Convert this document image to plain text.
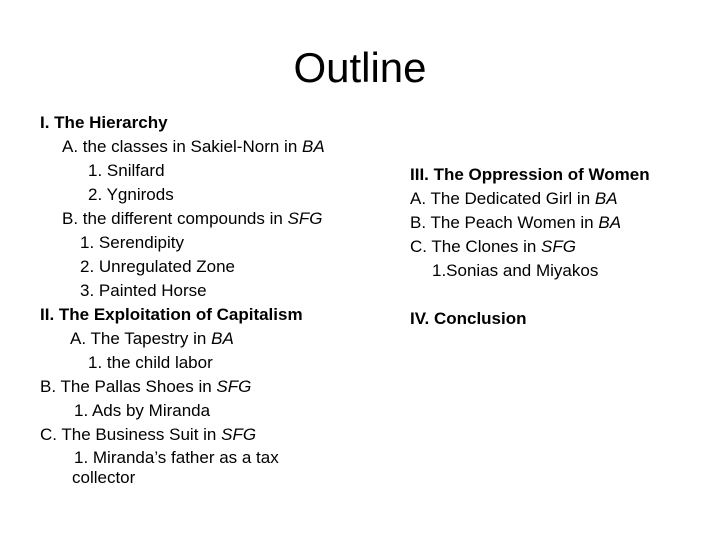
Outline
I. The Hierarchy
A. the classes in Sakiel-Norn in BA
1. Snilfard
2. Ygnirods
B. the different compounds in SFG
1. Serendipity
2. Unregulated Zone
3. Painted Horse
II. The Exploitation of Capitalism
A. The Tapestry in BA
1. the child labor
B. The Pallas Shoes in SFG
1. Ads by Miranda
C. The Business Suit in SFG
1. Miranda’s father as a tax
collector
III. The Oppression of Women
A. The Dedicated Girl in BA
B. The Peach Women in BA
C. The Clones in SFG
1.Sonias and Miyakos
IV. Conclusion
